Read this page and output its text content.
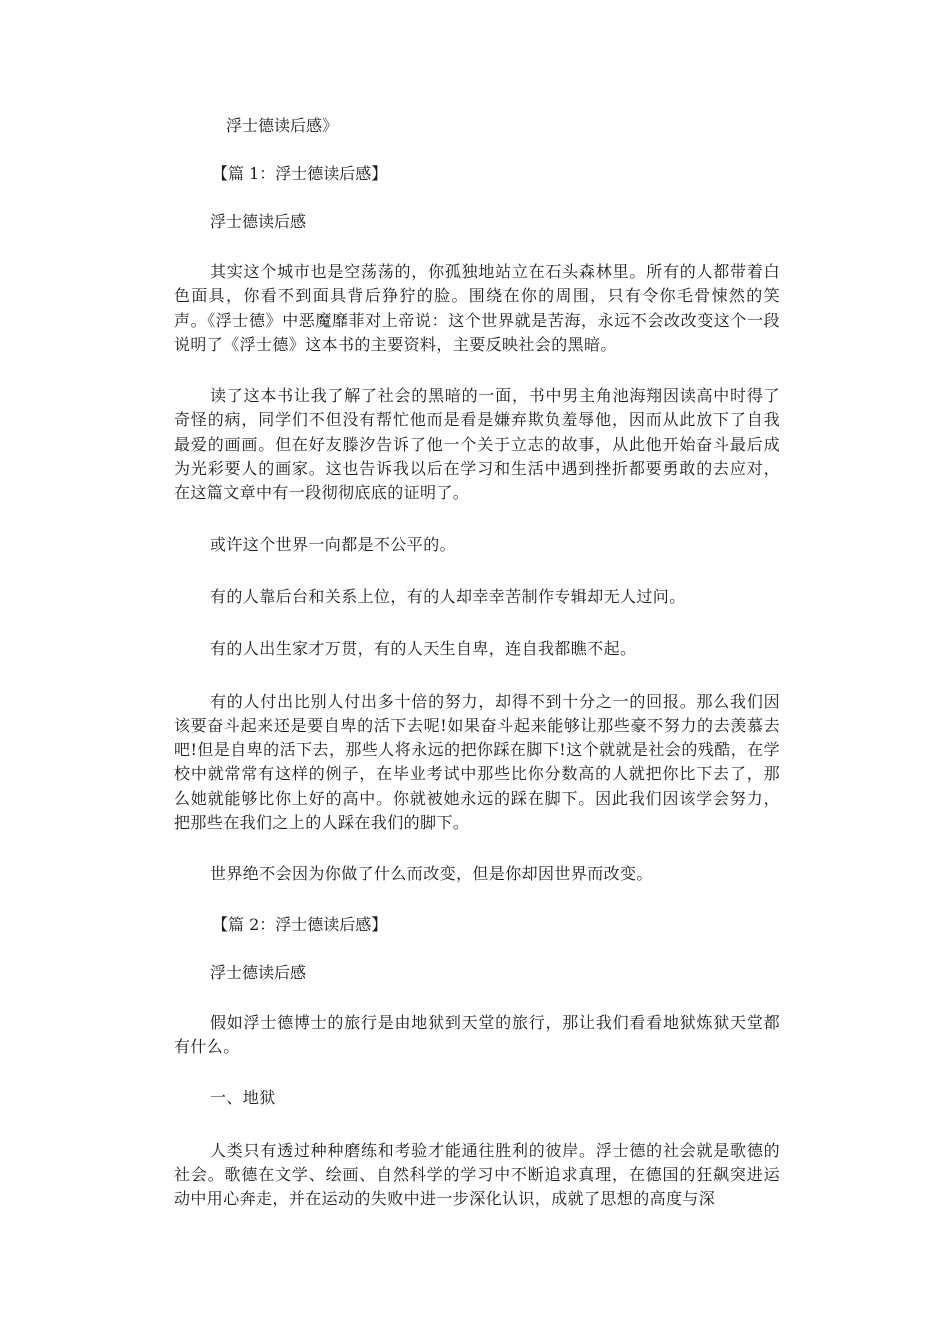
浮士德读后感》

【篇 1：浮士德读后感】

浮士德读后感

其实这个城市也是空荡荡的，你孤独地站立在石头森林里。所有的人都带着白色面具，你看不到面具背后狰狞的脸。围绕在你的周围，只有令你毛骨悚然的笑声。《浮士德》中恶魔靡菲对上帝说：这个世界就是苦海，永远不会改改变这个一段说明了《浮士德》这本书的主要资料，主要反映社会的黑暗。

读了这本书让我了解了社会的黑暗的一面，书中男主角池海翔因读高中时得了奇怪的病，同学们不但没有帮忙他而是看是嫌弃欺负羞辱他，因而从此放下了自我最爱的画画。但在好友滕汐告诉了他一个关于立志的故事，从此他开始奋斗最后成为光彩要人的画家。这也告诉我以后在学习和生活中遇到挫折都要勇敢的去应对，在这篇文章中有一段彻彻底底的证明了。

或许这个世界一向都是不公平的。

有的人靠后台和关系上位，有的人却幸幸苦制作专辑却无人过问。

有的人出生家才万贯，有的人天生自卑，连自我都瞧不起。

有的人付出比别人付出多十倍的努力，却得不到十分之一的回报。那么我们因该要奋斗起来还是要自卑的活下去呢!如果奋斗起来能够让那些豪不努力的去羡慕去吧!但是自卑的活下去，那些人将永远的把你踩在脚下!这个就就是社会的残酷，在学校中就常常有这样的例子，在毕业考试中那些比你分数高的人就把你比下去了，那么她就能够比你上好的高中。你就被她永远的踩在脚下。因此我们因该学会努力，把那些在我们之上的人踩在我们的脚下。

世界绝不会因为你做了什么而改变，但是你却因世界而改变。

【篇 2：浮士德读后感】

浮士德读后感

假如浮士德博士的旅行是由地狱到天堂的旅行，那让我们看看地狱炼狱天堂都有什么。

一、地狱

人类只有透过种种磨练和考验才能通往胜利的彼岸。浮士德的社会就是歌德的社会。歌德在文学、绘画、自然科学的学习中不断追求真理，在德国的狂飙突进运动中用心奔走，并在运动的失败中进一步深化认识，成就了思想的高度与深
